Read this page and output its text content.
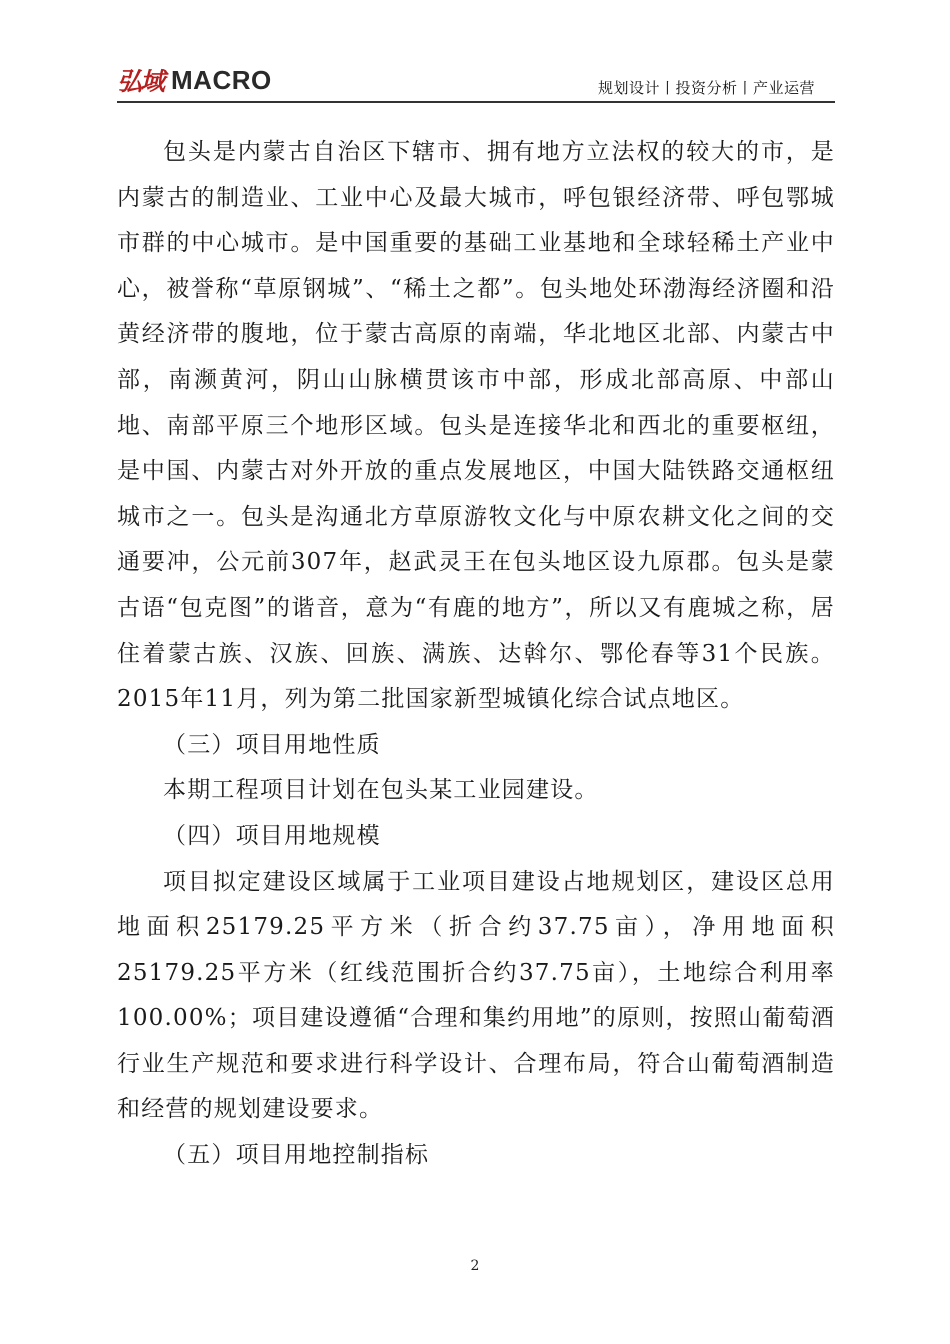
弘域 MACRO	规划设计丨投资分析丨产业运营

包头是内蒙古自治区下辖市、拥有地方立法权的较大的市，是内蒙古的制造业、工业中心及最大城市，呼包银经济带、呼包鄂城市群的中心城市。是中国重要的基础工业基地和全球轻稀土产业中心，被誉称“草原钢城”、“稀土之都”。包头地处环渤海经济圈和沿黄经济带的腹地，位于蒙古高原的南端，华北地区北部、内蒙古中部，南濒黄河，阴山山脉横贯该市中部，形成北部高原、中部山地、南部平原三个地形区域。包头是连接华北和西北的重要枢纽，是中国、内蒙古对外开放的重点发展地区，中国大陆铁路交通枢纽城市之一。包头是沟通北方草原游牧文化与中原农耕文化之间的交通要冲，公元前307年，赵武灵王在包头地区设九原郡。包头是蒙古语“包克图”的谐音，意为“有鹿的地方”，所以又有鹿城之称，居住着蒙古族、汉族、回族、满族、达斡尔、鄂伦春等31个民族。2015年11月，列为第二批国家新型城镇化综合试点地区。

（三）项目用地性质

本期工程项目计划在包头某工业园建设。

（四）项目用地规模

项目拟定建设区域属于工业项目建设占地规划区，建设区总用地面积25179.25平方米（折合约37.75亩），净用地面积25179.25平方米（红线范围折合约37.75亩），土地综合利用率100.00%；项目建设遵循“合理和集约用地”的原则，按照山葡萄酒行业生产规范和要求进行科学设计、合理布局，符合山葡萄酒制造和经营的规划建设要求。

（五）项目用地控制指标

2
